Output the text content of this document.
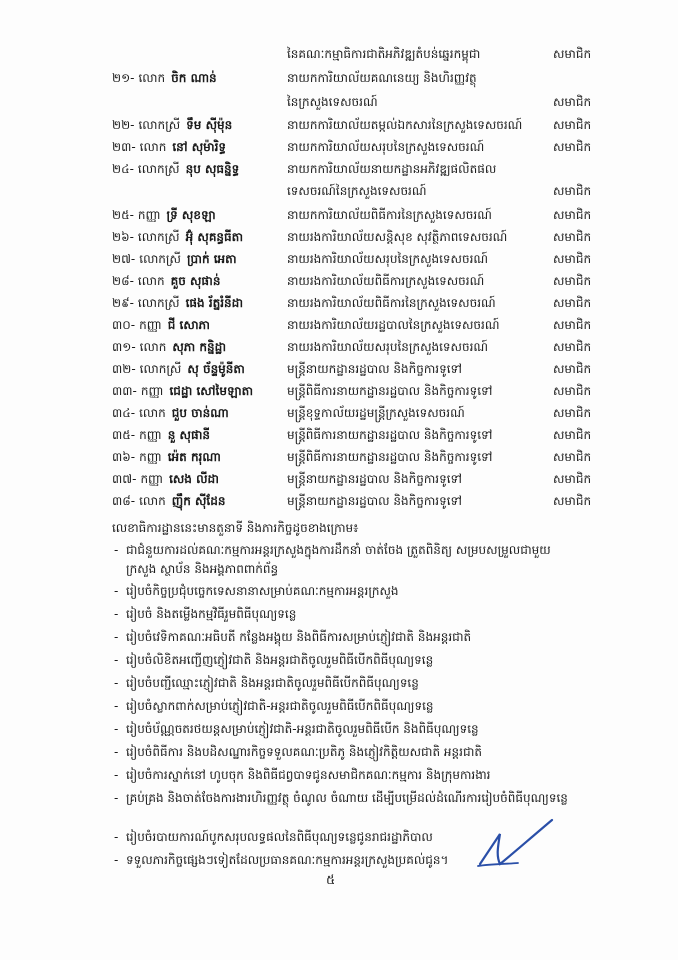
នៃគណៈកម្មាធិការជាតិអភិវឌ្ឍតំបន់ឆ្នេរកម្ពុជា	សមាជិក
២១- លោក ចិក ណាន់	នាយកការិយាល័យគណនេយ្យ និងហិរញ្ញវត្ថុ
នៃក្រសួងទេសចរណ៍	សមាជិក
២២- លោកស្រី ទឹម ស៊ីម៉ុន	នាយកការិយាល័យតម្កល់ឯកសារនៃក្រសួងទេសចរណ៍	សមាជិក
២៣- លោក នៅ សុម៉ារិទ្ធ	នាយកការិយាល័យសរុបនៃក្រសួងទេសចរណ៍	សមាជិក
២៤- លោកស្រី នុប សុធន្និទ្ធ	នាយកការិយាល័យនាយកដ្ឋានអភិវឌ្ឍផលិតផល
ទេសចរណ៍នៃក្រសួងទេសចរណ៍	សមាជិក
២៥- កញ្ញា ទ្រី សុខឡា	នាយកការិយាល័យពិធីការនៃក្រសួងទេសចរណ៍	សមាជិក
២៦- លោកស្រី អ៊ុំ សុគន្ធធីតា	នាយរងការិយាល័យសន្តិសុខ សុវត្ថិភាពទេសចរណ៍	សមាជិក
២៧- លោកស្រី ប្រាក់ អេតា	នាយរងការិយាល័យសរុបនៃក្រសួងទេសចរណ៍	សមាជិក
២៨- លោក គួច សុផាន់	នាយរងការិយាល័យពិធីការក្រសួងទេសចរណ៍	សមាជិក
២៩- លោកស្រី ផេង រ័ត្នរំនីដា	នាយរងការិយាល័យពិធីការនៃក្រសួងទេសចរណ៍	សមាជិក
៣០- កញ្ញា ជី សោភា	នាយរងការិយាល័យរដ្ឋបាលនៃក្រសួងទេសចរណ៍	សមាជិក
៣១- លោក សុភា កន្និដ្ឋា	នាយរងការិយាល័យសរុបនៃក្រសួងទេសចរណ៍	សមាជិក
៣២- លោកស្រី សុ ច័ន្ទម៉ូនីតា	មន្ត្រីនាយកដ្ឋានរដ្ឋបាល និងកិច្ចការទូទៅ	សមាជិក
៣៣- កញ្ញា ជេដ្ឋា សៅមៃឡាតា	មន្ត្រីពិធីការនាយកដ្ឋានរដ្ឋបាល និងកិច្ចការទូទៅ	សមាជិក
៣៤- លោក ជួប ចាន់ណា	មន្ត្រីខុទ្ទកាល័យរដ្ឋមន្ត្រីក្រសួងទេសចរណ៍	សមាជិក
៣៥- កញ្ញា នួ សុផានី	មន្ត្រីពិធីការនាយកដ្ឋានរដ្ឋបាល និងកិច្ចការទូទៅ	សមាជិក
៣៦- កញ្ញា អ៉េត ករុណា	មន្ត្រីពិធីការនាយកដ្ឋានរដ្ឋបាល និងកិច្ចការទូទៅ	សមាជិក
៣៧- កញ្ញា សេង លីដា	មន្ត្រីនាយកដ្ឋានរដ្ឋបាល និងកិច្ចការទូទៅ	សមាជិក
៣៨- លោក ញ៉ឹក ស៊ីដែន	មន្ត្រីនាយកដ្ឋានរដ្ឋបាល និងកិច្ចការទូទៅ	សមាជិក
លេខាធិការដ្ឋាននេះមានតួនាទី និងភារកិច្ចដូចខាងក្រោម៖
- ជាជំនួយការដល់គណៈកម្មការអន្តរក្រសួងក្នុងការដឹកនាំ ចាត់ចែង ត្រួតពិនិត្យ សម្របសម្រួលជាមួយក្រសួង ស្ថាប័ន និងអង្គភាពពាក់ព័ន្ធ
- រៀបចំកិច្ចប្រជុំបច្ចេកទេសនានាសម្រាប់គណៈកម្មការអន្តរក្រសួង
- រៀបចំ និងតម្លើងកម្មវិធីរួមពិធីបុណ្យទន្លេ
- រៀបចំវេទិកាគណៈអធិបតី កន្លែងអង្គុយ និងពិធីការសម្រាប់ភ្ញៀវជាតិ និងអន្តរជាតិ
- រៀបចំលិខិតអញ្ជើញភ្ញៀវជាតិ និងអន្តរជាតិចូលរួមពិធីបើកពិធីបុណ្យទន្លេ
- រៀបចំបញ្ជីឈ្មោះភ្ញៀវជាតិ និងអន្តរជាតិចូលរួមពិធីបើកពិធីបុណ្យទន្លេ
- រៀបចំស្លាកពាក់សម្រាប់ភ្ញៀវជាតិ-អន្តរជាតិចូលរួមពិធីបើកពិធីបុណ្យទន្លេ
- រៀបចំប័ណ្ណចតរថយន្តសម្រាប់ភ្ញៀវជាតិ-អន្តរជាតិចូលរួមពិធីបើក និងពិធីបុណ្យទន្លេ
- រៀបចំពិធីការ និងបដិសណ្ឋារកិច្ចទទួលគណៈប្រតិភូ និងភ្ញៀវកិត្តិយសជាតិ អន្តរជាតិ
- រៀបចំការស្នាក់នៅ ហូបចុក និងពិធីជព្វបាទជូនសមាជិកគណៈកម្មការ និងក្រុមការងារ
- គ្រប់គ្រង និងចាត់ចែងការងារហិរញ្ញវត្ថុ ចំណូល ចំណាយ ដើម្បីបម្រើដល់ដំណើរការរៀបចំពិធីបុណ្យទន្លេ
- រៀបចំរបាយការណ៍បូកសរុបលទ្ធផលនៃពិធីបុណ្យទន្លេជូនរាជរដ្ឋាភិបាល
- ទទួលភារកិច្ចផ្សេងៗទៀតដែលប្រធានគណៈកម្មការអន្តរក្រសួងប្រគល់ជូន។
៥
